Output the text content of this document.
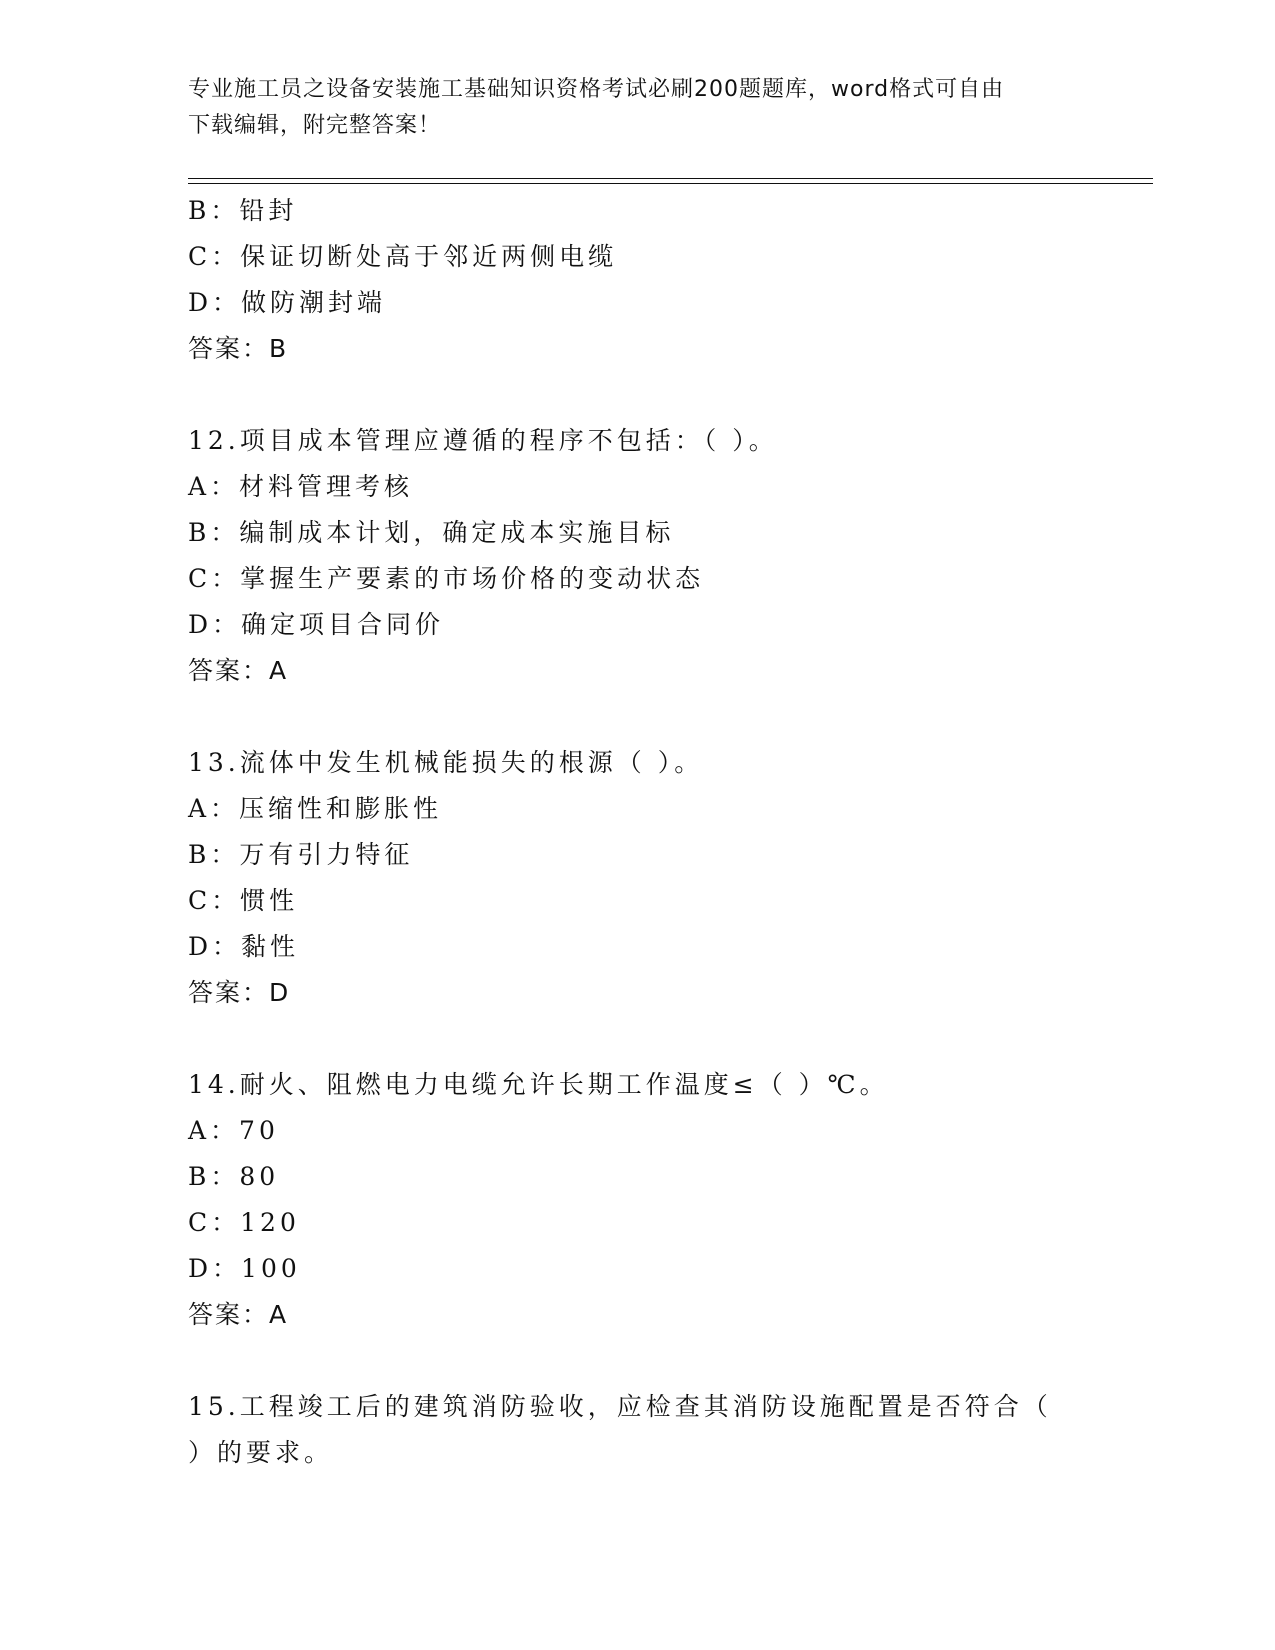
专业施工员之设备安装施工基础知识资格考试必刷200题题库，word格式可自由
下载编辑，附完整答案！
B：铅封
C：保证切断处高于邻近两侧电缆
D：做防潮封端
答案：B
12.项目成本管理应遵循的程序不包括：（ ）。
A：材料管理考核
B：编制成本计划，确定成本实施目标
C：掌握生产要素的市场价格的变动状态
D：确定项目合同价
答案：A
13.流体中发生机械能损失的根源（ ）。
A：压缩性和膨胀性
B：万有引力特征
C：惯性
D：黏性
答案：D
14.耐火、阻燃电力电缆允许长期工作温度≤（ ）℃。
A：70
B：80
C：120
D：100
答案：A
15.工程竣工后的建筑消防验收，应检查其消防设施配置是否符合（
）的要求。
